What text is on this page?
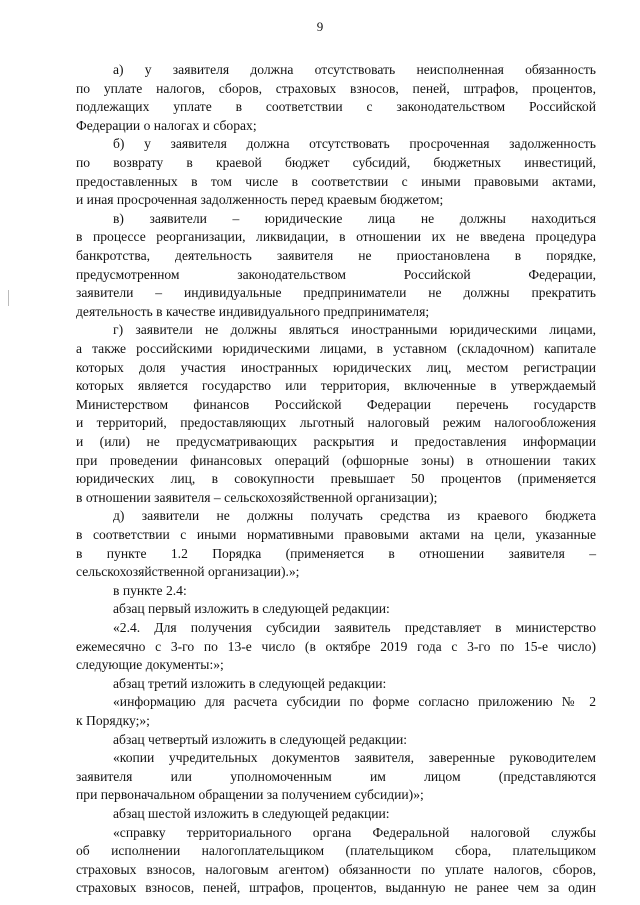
9
а) у заявителя должна отсутствовать неисполненная обязанность
по уплате налогов, сборов, страховых взносов, пеней, штрафов, процентов,
подлежащих уплате в соответствии с законодательством Российской
Федерации о налогах и сборах;
б) у заявителя должна отсутствовать просроченная задолженность
по возврату в краевой бюджет субсидий, бюджетных инвестиций,
предоставленных в том числе в соответствии с иными правовыми актами,
и иная просроченная задолженность перед краевым бюджетом;
в) заявители – юридические лица не должны находиться
в процессе реорганизации, ликвидации, в отношении их не введена процедура
банкротства, деятельность заявителя не приостановлена в порядке,
предусмотренном законодательством Российской Федерации,
заявители – индивидуальные предприниматели не должны прекратить
деятельность в качестве индивидуального предпринимателя;
г) заявители не должны являться иностранными юридическими лицами,
а также российскими юридическими лицами, в уставном (складочном) капитале
которых доля участия иностранных юридических лиц, местом регистрации
которых является государство или территория, включенные в утверждаемый
Министерством финансов Российской Федерации перечень государств
и территорий, предоставляющих льготный налоговый режим налогообложения
и (или) не предусматривающих раскрытия и предоставления информации
при проведении финансовых операций (офшорные зоны) в отношении таких
юридических лиц, в совокупности превышает 50 процентов (применяется
в отношении заявителя – сельскохозяйственной организации);
д) заявители не должны получать средства из краевого бюджета
в соответствии с иными нормативными правовыми актами на цели, указанные
в пункте 1.2 Порядка (применяется в отношении заявителя –
сельскохозяйственной организации).»;
в пункте 2.4:
абзац первый изложить в следующей редакции:
«2.4. Для получения субсидии заявитель представляет в министерство
ежемесячно с 3-го по 13-е число (в октябре 2019 года с 3-го по 15-е число)
следующие документы:»;
абзац третий изложить в следующей редакции:
«информацию для расчета субсидии по форме согласно приложению № 2
к Порядку;»;
абзац четвертый изложить в следующей редакции:
«копии учредительных документов заявителя, заверенные руководителем
заявителя или уполномоченным им лицом (представляются
при первоначальном обращении за получением субсидии)»;
абзац шестой изложить в следующей редакции:
«справку территориального органа Федеральной налоговой службы
об исполнении налогоплательщиком (плательщиком сбора, плательщиком
страховых взносов, налоговым агентом) обязанности по уплате налогов, сборов,
страховых взносов, пеней, штрафов, процентов, выданную не ранее чем за один
